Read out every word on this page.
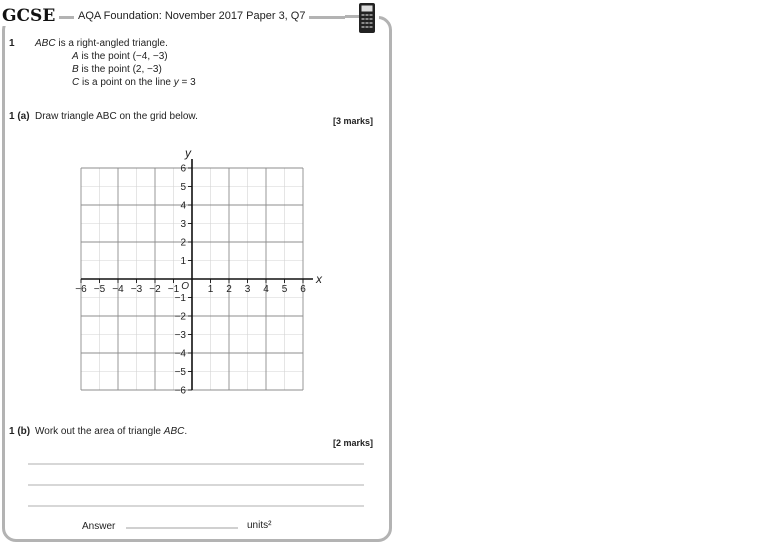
GCSE	AQA Foundation: November 2017 Paper 3, Q7
1 ABC is a right-angled triangle.
A is the point (−4, −3)
B is the point (2, −3)
C is a point on the line y = 3
1 (a) Draw triangle ABC on the grid below.	[3 marks]
−6 −5 −4 −3 −2 −1	1 2 3 4 5 6
6
5
4
3
2
1
−1
−2
−3
−4
−5
−6
O
x
y
1 (b) Work out the area of triangle ABC.
[2 marks]
Answer	units²
